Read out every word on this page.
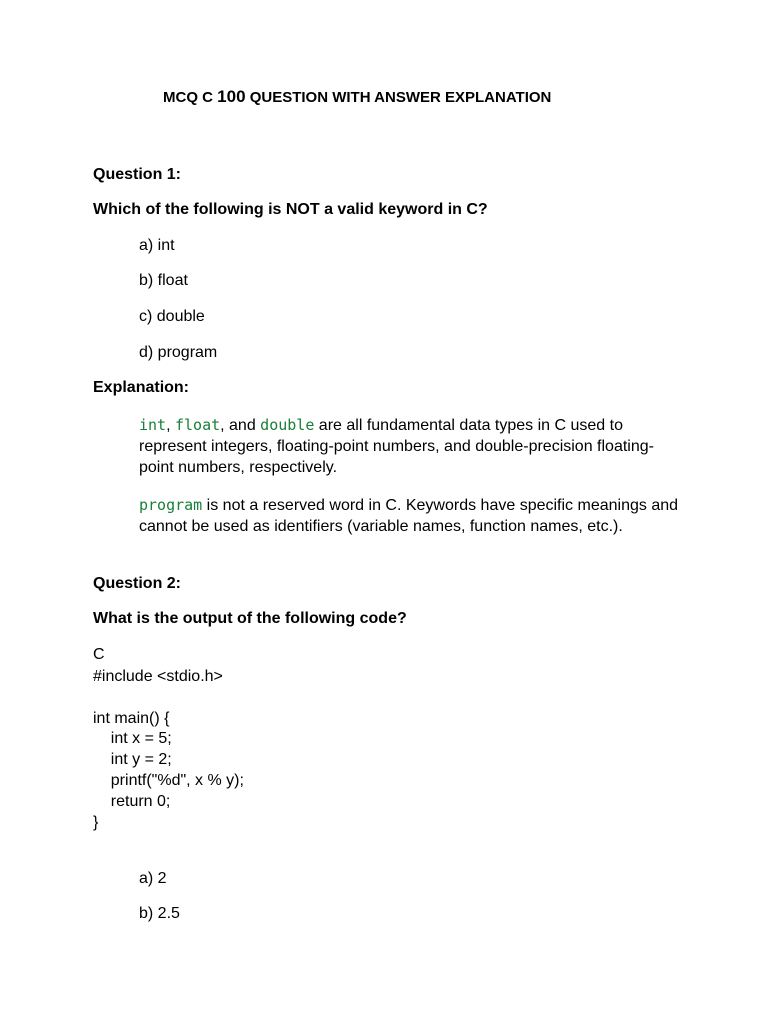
MCQ C 100 QUESTION WITH ANSWER EXPLANATION
Question 1:
Which of the following is NOT a valid keyword in C?
a) int
b) float
c) double
d) program
Explanation:
int, float, and double are all fundamental data types in C used to represent integers, floating-point numbers, and double-precision floating-point numbers, respectively.
program is not a reserved word in C. Keywords have specific meanings and cannot be used as identifiers (variable names, function names, etc.).
Question 2:
What is the output of the following code?
C
#include <stdio.h>
int main() {
int x = 5;
int y = 2;
printf("%d", x % y);
return 0;
}
a) 2
b) 2.5
